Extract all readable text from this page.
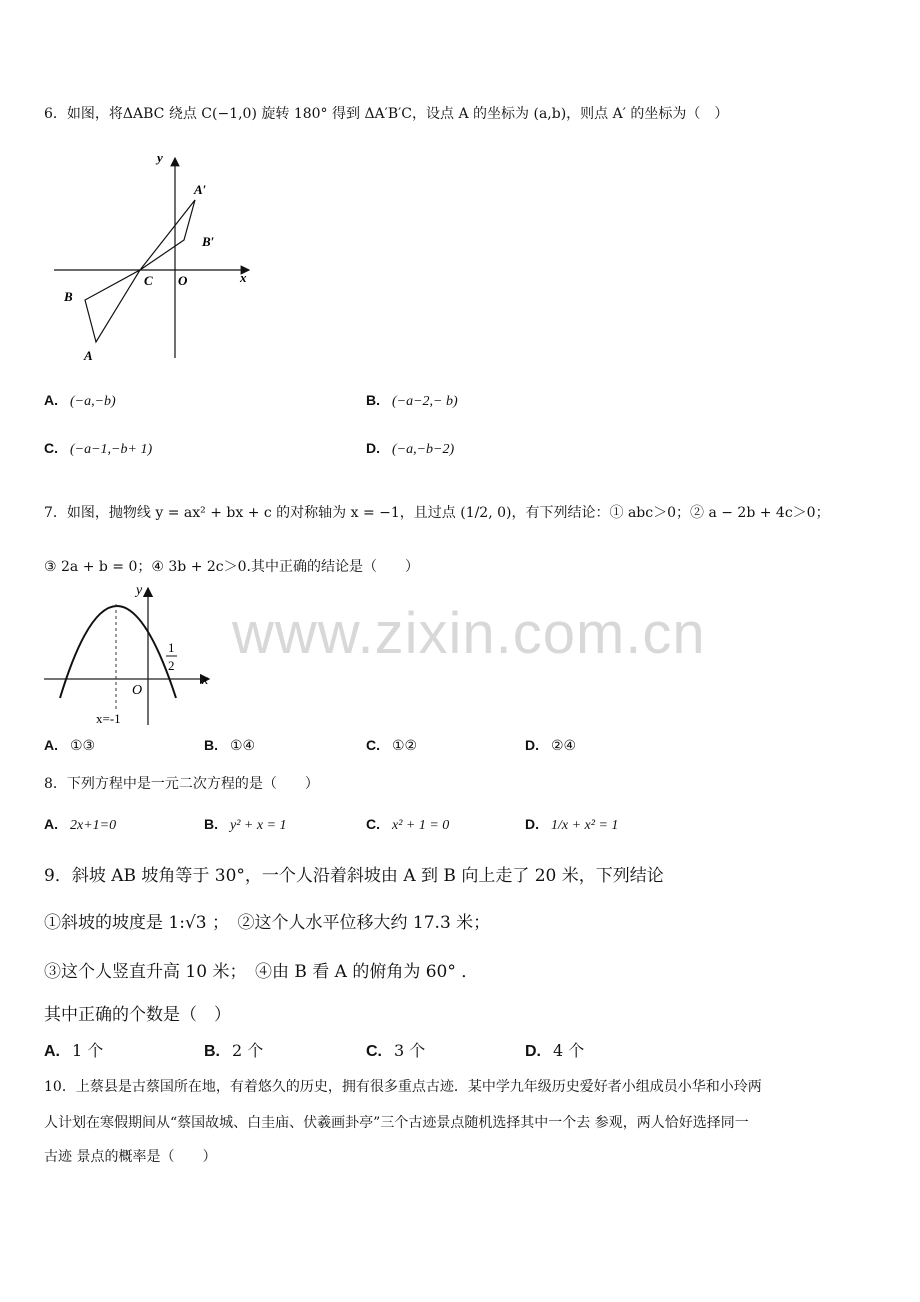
www.zixin.com.cn
6．如图，将ΔABC 绕点 C(−1,0) 旋转 180° 得到 ΔA′B′C，设点 A 的坐标为 (a,b)，则点 A′ 的坐标为（　）
y
x
O
C
A
B
A′
B′
A. (−a,−b)	B. (−a−2,− b)
C. (−a−1,−b+ 1)	D. (−a,−b−2)
7．如图，抛物线 y = ax² + bx + c 的对称轴为 x = −1，且过点 (1/2, 0)，有下列结论：① abc＞0；② a − 2b + 4c＞0；
③ 2a + b = 0；④ 3b + 2c＞0.其中正确的结论是（　　）
y
x
O
1
2
x=-1
A. ①③	B. ①④	C. ①②	D. ②④
8．下列方程中是一元二次方程的是（　　）
A. 2x+1=0	B. y² + x = 1	C. x² + 1 = 0	D. 1/x + x² = 1
9．斜坡 AB 坡角等于 30°，一个人沿着斜坡由 A 到 B 向上走了 20 米，下列结论
①斜坡的坡度是 1:√3 ；　②这个人水平位移大约 17.3 米；
③这个人竖直升高 10 米；　④由 B 看 A 的俯角为 60° ．
其中正确的个数是（　）
A. 1 个	B. 2 个	C. 3 个	D. 4 个
10．上蔡县是古蔡国所在地，有着悠久的历史，拥有很多重点古迹．某中学九年级历史爱好者小组成员小华和小玲两
人计划在寒假期间从“蔡国故城、白圭庙、伏羲画卦亭”三个古迹景点随机选择其中一个去 参观，两人恰好选择同一
古迹 景点的概率是（　　）
